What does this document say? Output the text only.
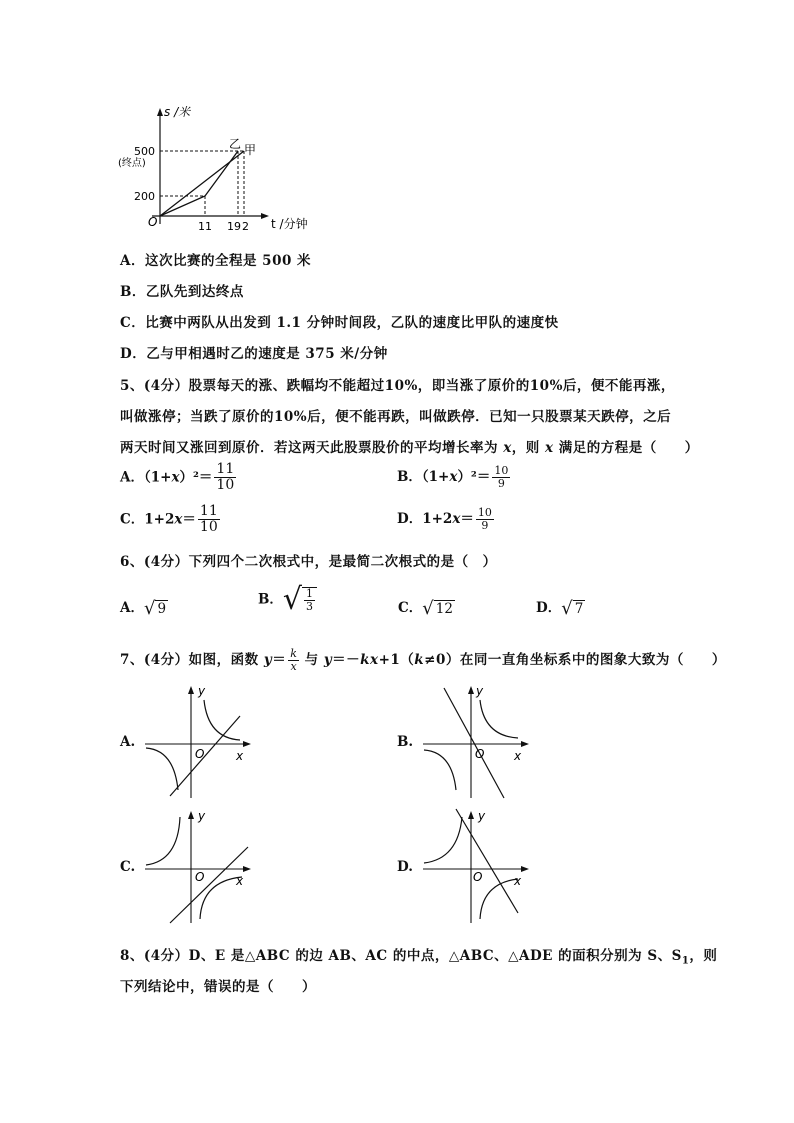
s /米
500
(终点)
200
O	11 19 2 t /分钟
乙 甲
A．这次比赛的全程是 500 米
B．乙队先到达终点
C．比赛中两队从出发到 1.1 分钟时间段，乙队的速度比甲队的速度快
D．乙与甲相遇时乙的速度是 375 米/分钟
5、(4分）股票每天的涨、跌幅均不能超过10%，即当涨了原价的10%后，便不能再涨，
叫做涨停；当跌了原价的10%后，便不能再跌，叫做跌停．已知一只股票某天跌停，之后
两天时间又涨回到原价．若这两天此股票股价的平均增长率为 x，则 x 满足的方程是（　　）
A．$(1+x)^2= \frac{11}{10}$	B．$(1+x)^2= \frac{10}{9}$
C．$1+2x= \frac{11}{10}$	D．$1+2x= \frac{10}{9}$
6、(4分）下列四个二次根式中，是最简二次根式的是（　）
A． √ 9
B． √ $\frac{1}{3}$	C． √ 12	D． √ 7
7、(4分）如图，函数 $y= \frac{k}{x}$ 与 y＝－kx+1（k≠0）在同一直角坐标系中的图象大致为（　　）
A.	B.
C.	D.
y
x
O
y
x
O
y
x
O
y
x
O
8、(4分）D、E 是△ABC 的边 AB、AC 的中点，△ABC、△ADE 的面积分别为 S、$S_1$，则
下列结论中，错误的是（　　）
